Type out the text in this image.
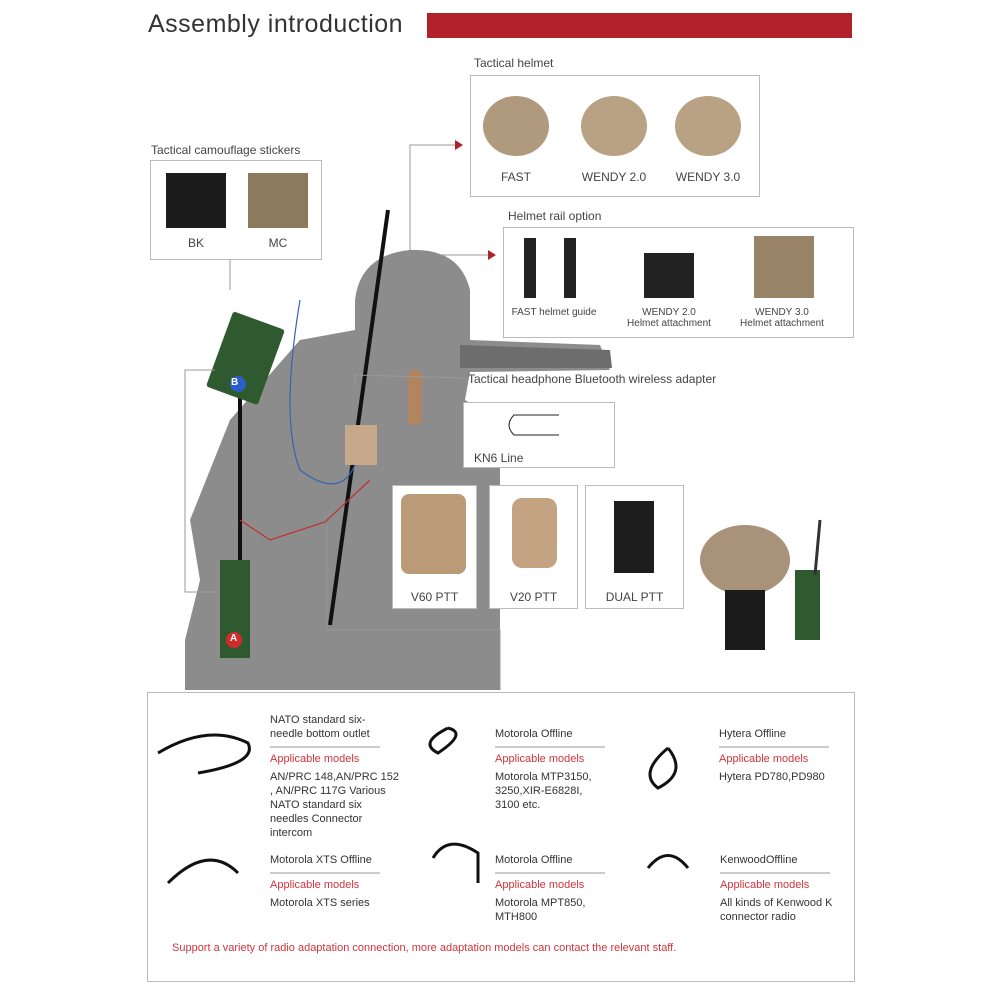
Assembly introduction
FAST	WENDY 2.0	WENDY 3.0
Tactical helmet
Tactical camouflage stickers
BK	MC
Helmet rail option
FAST helmet guide	WENDY 2.0
Helmet attachment
WENDY 3.0
Helmet attachment
Tactical headphone Bluetooth wireless adapter
KN6 Line
V60 PTT	V20 PTT	DUAL PTT
NATO standard six-needle bottom outlet
Applicable models
AN/PRC 148,AN/PRC 152 , AN/PRC 117G Various NATO standard six needles Connector intercom
Motorola Offline
Applicable models
Motorola MTP3150, 3250,XIR-E6828I, 3100 etc.
Hytera Offline
Applicable models
Hytera PD780,PD980
Motorola XTS Offline
Applicable models
Motorola XTS series
Motorola Offline
Applicable models
Motorola MPT850, MTH800
KenwoodOffline
Applicable models
All kinds of Kenwood K connector radio
Support a variety of radio adaptation connection, more adaptation models can contact the relevant staff.
B
A
